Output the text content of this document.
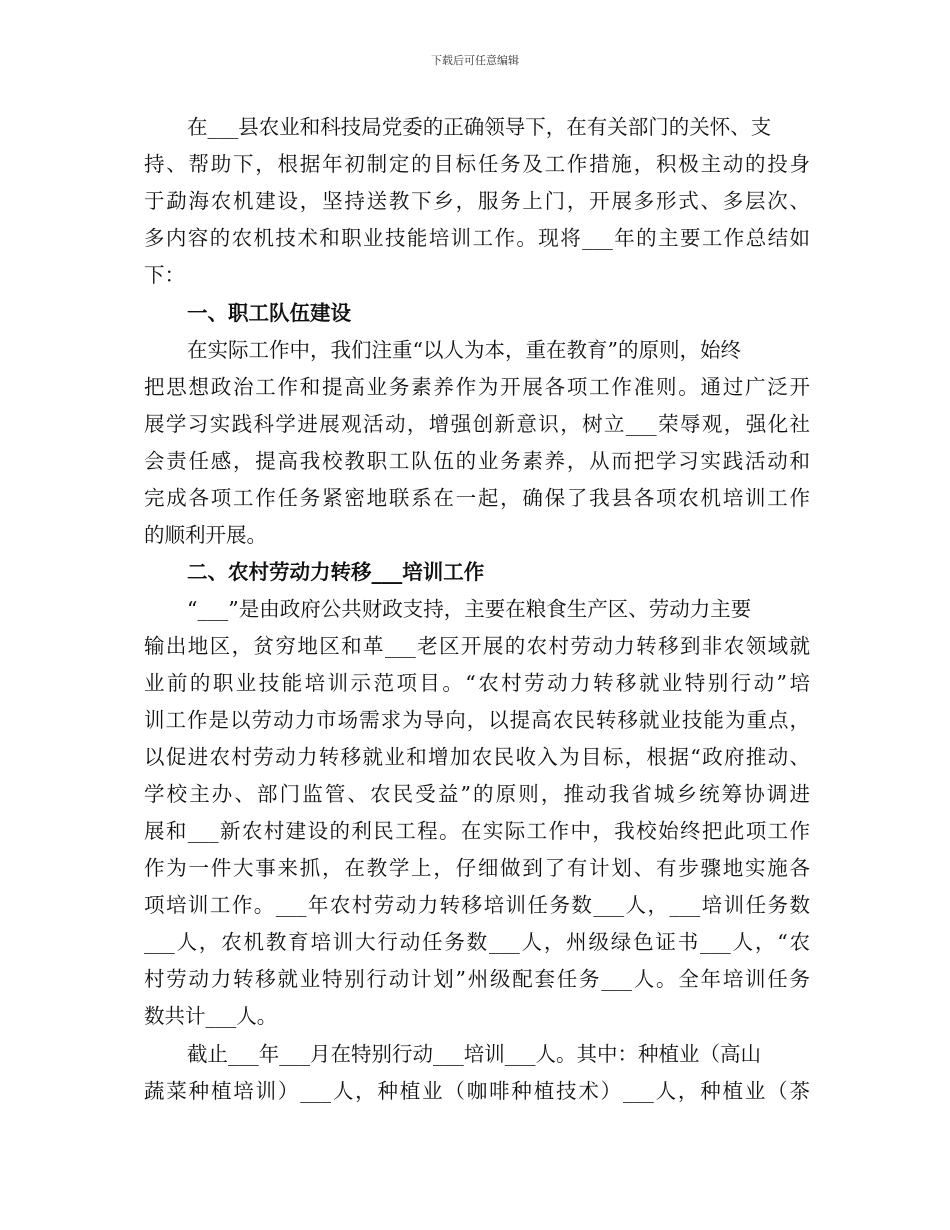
下载后可任意编辑
在___县农业和科技局党委的正确领导下，在有关部门的关怀、支
持、帮助下，根据年初制定的目标任务及工作措施，积极主动的投身
于勐海农机建设，坚持送教下乡，服务上门，开展多形式、多层次、
多内容的农机技术和职业技能培训工作。现将___年的主要工作总结如
下：
一、职工队伍建设
在实际工作中，我们注重“以人为本，重在教育”的原则，始终
把思想政治工作和提高业务素养作为开展各项工作准则。通过广泛开
展学习实践科学进展观活动，增强创新意识，树立___荣辱观，强化社
会责任感，提高我校教职工队伍的业务素养，从而把学习实践活动和
完成各项工作任务紧密地联系在一起，确保了我县各项农机培训工作
的顺利开展。
二、农村劳动力转移___培训工作
“___”是由政府公共财政支持，主要在粮食生产区、劳动力主要
输出地区，贫穷地区和革___老区开展的农村劳动力转移到非农领域就
业前的职业技能培训示范项目。“农村劳动力转移就业特别行动”培
训工作是以劳动力市场需求为导向，以提高农民转移就业技能为重点，
以促进农村劳动力转移就业和增加农民收入为目标，根据“政府推动、
学校主办、部门监管、农民受益”的原则，推动我省城乡统筹协调进
展和___新农村建设的利民工程。在实际工作中，我校始终把此项工作
作为一件大事来抓，在教学上，仔细做到了有计划、有步骤地实施各
项培训工作。___年农村劳动力转移培训任务数___人，___培训任务数
___人，农机教育培训大行动任务数___人，州级绿色证书___人，“农
村劳动力转移就业特别行动计划”州级配套任务___人。全年培训任务
数共计___人。
截止___年___月在特别行动___培训___人。其中：种植业（高山
蔬菜种植培训）___人，种植业（咖啡种植技术）___人，种植业（茶
